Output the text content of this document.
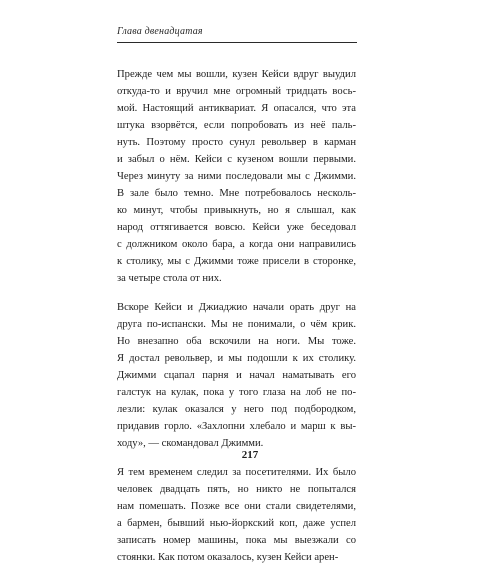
Глава двенадцатая

Прежде чем мы вошли, кузен Кейси вдруг выудил
откуда-то и вручил мне огромный тридцать вось-
мой. Настоящий антиквариат. Я опасался, что эта
штука взорвётся, если попробовать из неё паль-
нуть. Поэтому просто сунул револьвер в карман
и забыл о нём. Кейси с кузеном вошли первыми.
Через минуту за ними последовали мы с Джимми.
В зале было темно. Мне потребовалось несколь-
ко минут, чтобы привыкнуть, но я слышал, как
народ оттягивается вовсю. Кейси уже беседовал
с должником около бара, а когда они направились
к столику, мы с Джимми тоже присели в сторонке,
за четыре стола от них.

Вскоре Кейси и Джиаджио начали орать друг на
друга по-испански. Мы не понимали, о чём крик.
Но внезапно оба вскочили на ноги. Мы тоже.
Я достал револьвер, и мы подошли к их столику.
Джимми сцапал парня и начал наматывать его
галстук на кулак, пока у того глаза на лоб не по-
лезли: кулак оказался у него под подбородком,
придавив горло. «Захлопни хлебало и марш к вы-
ходу», — скомандовал Джимми.

Я тем временем следил за посетителями. Их было
человек двадцать пять, но никто не попытался
нам помешать. Позже все они стали свидетелями,
а бармен, бывший нью-йоркский коп, даже успел
записать номер машины, пока мы выезжали со
стоянки. Как потом оказалось, кузен Кейси арен-

217
